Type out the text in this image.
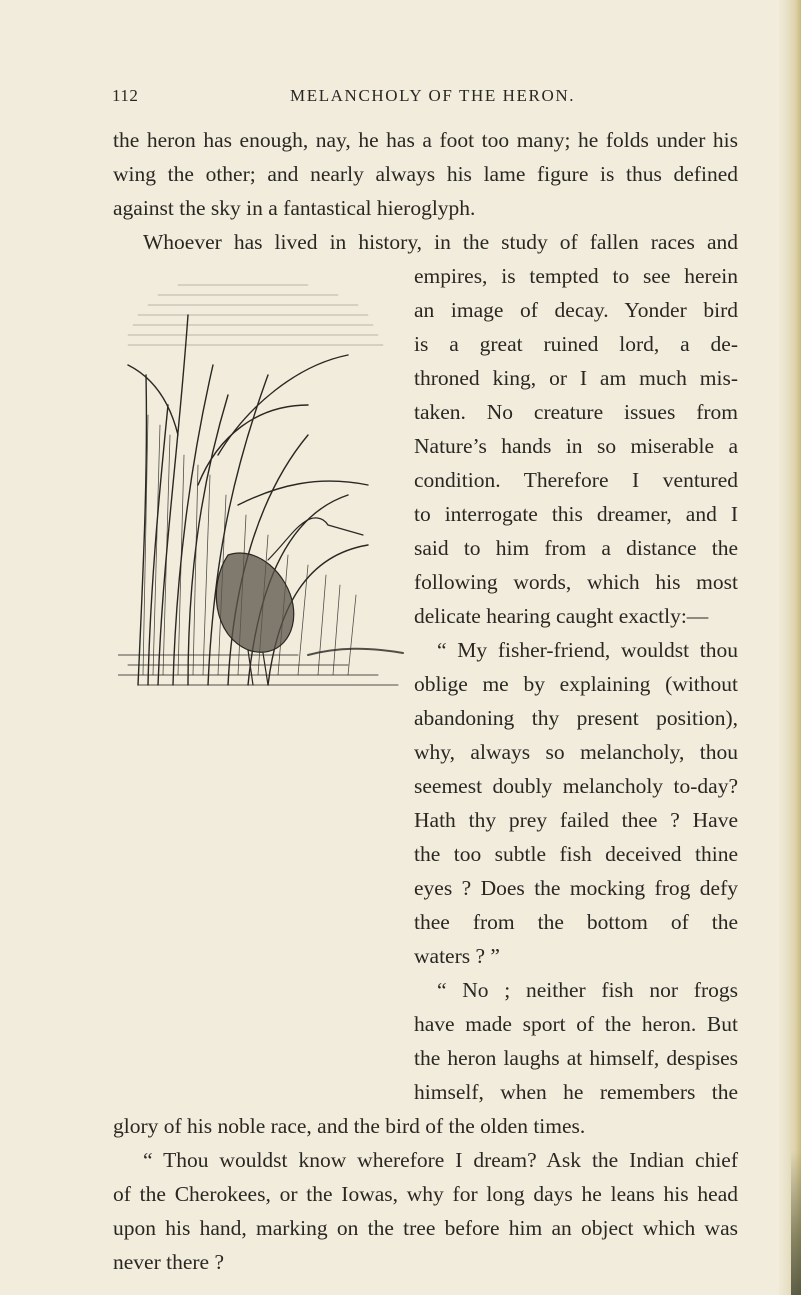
112	MELANCHOLY OF THE HERON.
the heron has enough, nay, he has a foot too many; he folds under his
wing the other; and nearly always his lame figure is thus defined
against the sky in a fantastical hieroglyph.
Whoever has lived in history, in the study of fallen races and
empires, is tempted to see herein
an image of decay. Yonder bird
is a great ruined lord, a de-
throned king, or I am much mis-
taken. No creature issues from
Nature’s hands in so miserable a
condition. Therefore I ventured
to interrogate this dreamer, and I
said to him from a distance the
following words, which his most
delicate hearing caught exactly:—
“ My fisher-friend, wouldst thou
oblige me by explaining (without
abandoning thy present position),
why, always so melancholy, thou
seemest doubly melancholy to-day?
Hath thy prey failed thee ? Have
the too subtle fish deceived thine
eyes ? Does the mocking frog defy
thee from the bottom of the
waters ? ”
“ No ; neither fish nor frogs
have made sport of the heron. But
the heron laughs at himself, despises
himself, when he remembers the
glory of his noble race, and the bird of the olden times.
“ Thou wouldst know wherefore I dream? Ask the Indian chief
of the Cherokees, or the Iowas, why for long days he leans his head
upon his hand, marking on the tree before him an object which was
never there ?
